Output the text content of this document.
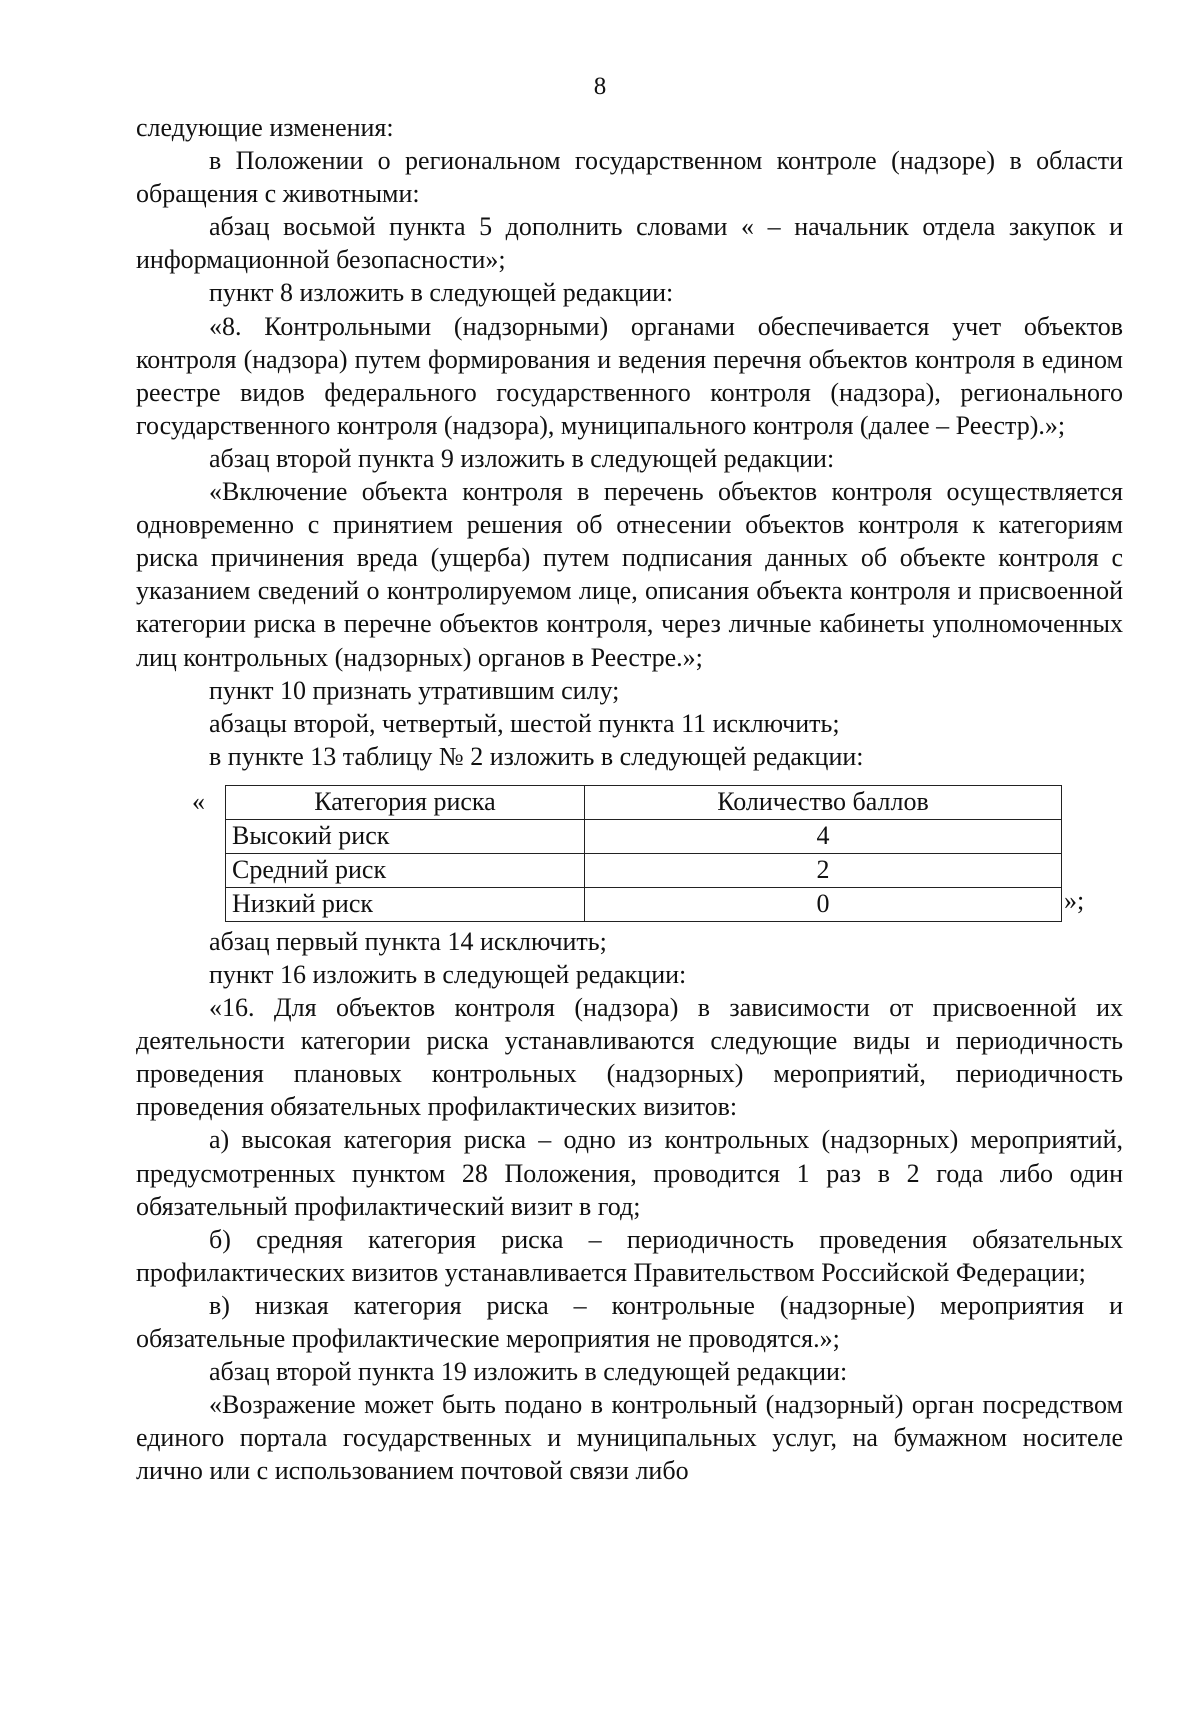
8

следующие изменения:

в Положении о региональном государственном контроле (надзоре) в области обращения с животными:

абзац восьмой пункта 5 дополнить словами « – начальник отдела закупок и информационной безопасности»;

пункт 8 изложить в следующей редакции:

«8. Контрольными (надзорными) органами обеспечивается учет объектов контроля (надзора) путем формирования и ведения перечня объектов контроля в едином реестре видов федерального государственного контроля (надзора), регионального государственного контроля (надзора), муниципального контроля (далее – Реестр).»;

абзац второй пункта 9 изложить в следующей редакции:

«Включение объекта контроля в перечень объектов контроля осуществляется одновременно с принятием решения об отнесении объектов контроля к категориям риска причинения вреда (ущерба) путем подписания данных об объекте контроля с указанием сведений о контролируемом лице, описания объекта контроля и присвоенной категории риска в перечне объектов контроля, через личные кабинеты уполномоченных лиц контрольных (надзорных) органов в Реестре.»;

пункт 10 признать утратившим силу;

абзацы второй, четвертый, шестой пункта 11 исключить;

в пункте 13 таблицу № 2 изложить в следующей редакции:

«	Категория риска	Количество баллов
Высокий риск	4
Средний риск	2
Низкий риск	0	»;

абзац первый пункта 14 исключить;

пункт 16 изложить в следующей редакции:

«16. Для объектов контроля (надзора) в зависимости от присвоенной их деятельности категории риска устанавливаются следующие виды и периодичность проведения плановых контрольных (надзорных) мероприятий, периодичность проведения обязательных профилактических визитов:

а) высокая категория риска – одно из контрольных (надзорных) мероприятий, предусмотренных пунктом 28 Положения, проводится 1 раз в 2 года либо один обязательный профилактический визит в год;

б) средняя категория риска – периодичность проведения обязательных профилактических визитов устанавливается Правительством Российской Федерации;

в) низкая категория риска – контрольные (надзорные) мероприятия и обязательные профилактические мероприятия не проводятся.»;

абзац второй пункта 19 изложить в следующей редакции:

«Возражение может быть подано в контрольный (надзорный) орган посредством единого портала государственных и муниципальных услуг, на бумажном носителе лично или с использованием почтовой связи либо
